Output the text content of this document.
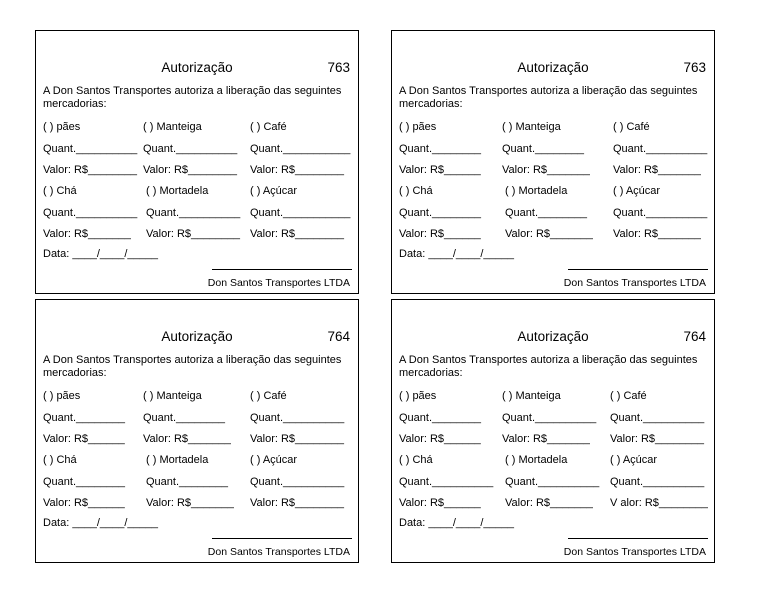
Autorização	763
A Don Santos Transportes autoriza a liberação das seguintes mercadorias:
( ) pães	( ) Manteiga	( ) Café
Quant.__________ Quant.__________ Quant.___________
Valor: R$________ Valor: R$________ Valor: R$________
( ) Chá	( ) Mortadela	( ) Açúcar
Quant.__________ Quant.__________ Quant.___________
Valor: R$_______ Valor: R$________ Valor: R$________
Data: ____/____/_____
Don Santos Transportes LTDA
Autorização	763
A Don Santos Transportes autoriza a liberação das seguintes mercadorias:
( ) pães	( ) Manteiga	( ) Café
Quant.________ Quant.________	Quant.__________
Valor: R$______ Valor: R$_______ Valor: R$_______
( ) Chá	( ) Mortadela	( ) Açúcar
Quant.________ Quant.________ Quant.__________
Valor: R$______ Valor: R$_______ Valor: R$_______
Data: ____/____/_____
Don Santos Transportes LTDA
Autorização	764
A Don Santos Transportes autoriza a liberação das seguintes mercadorias:
( ) pães	( ) Manteiga	( ) Café
Quant.________ Quant.________ Quant.__________
Valor: R$______ Valor: R$_______ Valor: R$________
( ) Chá	( ) Mortadela	( ) Açúcar
Quant.________ Quant.________ Quant.__________
Valor: R$______ Valor: R$_______ Valor: R$________
Data: ____/____/_____
Don Santos Transportes LTDA
Autorização	764
A Don Santos Transportes autoriza a liberação das seguintes mercadorias:
( ) pães	( ) Manteiga	( ) Café
Quant.________ Quant.__________ Quant.__________
Valor: R$______ Valor: R$_______ Valor: R$________
( ) Chá	( ) Mortadela	( ) Açúcar
Quant.__________ Quant.__________ Quant.__________
Valor: R$______ Valor: R$_______ V alor: R$________
Data: ____/____/_____
Don Santos Transportes LTDA
